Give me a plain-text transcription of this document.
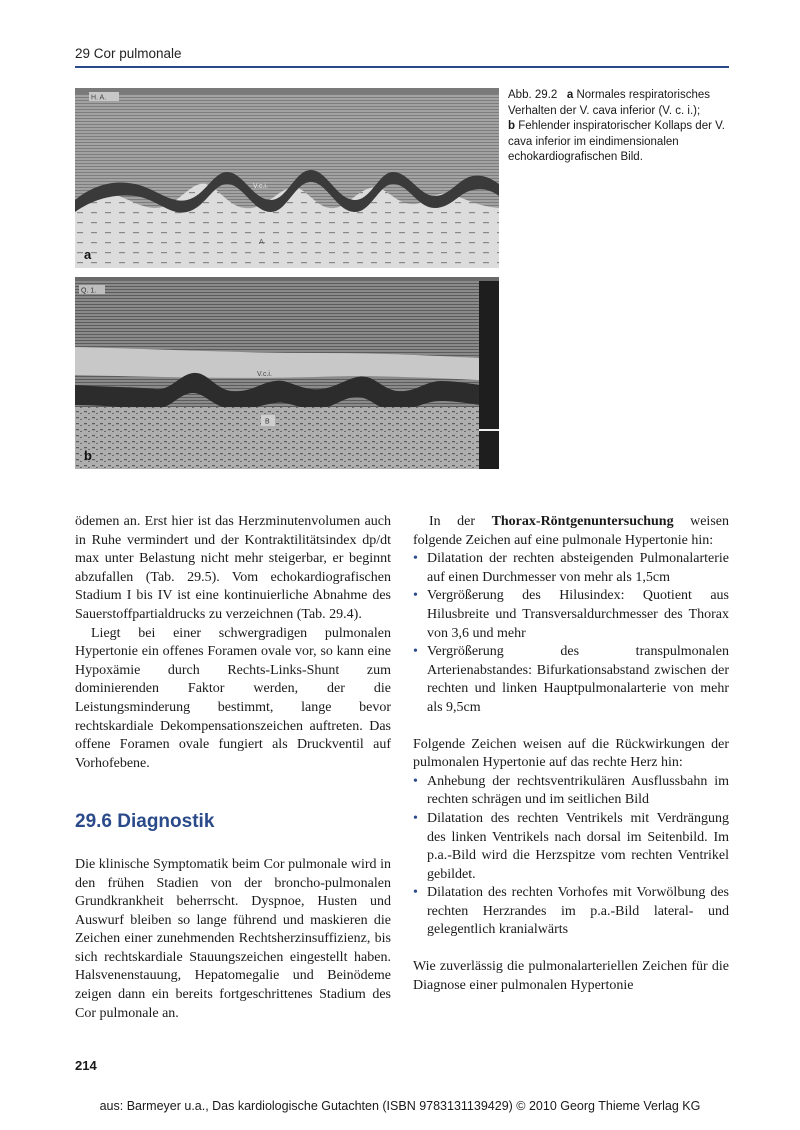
29 Cor pulmonale
H. A.
V.c.i.
A
a
Q. 1.
V.c.i.
B
b
Abb. 29.2 a Normales respiratorisches Verhalten der V. cava inferior (V. c. i.);
b Fehlender inspiratorischer Kollaps der V. cava inferior im eindimensionalen echokardiografischen Bild.

ödemen an. Erst hier ist das Herzminutenvolumen auch in Ruhe vermindert und der Kontraktilitätsindex dp/dt max unter Belastung nicht mehr steigerbar, er beginnt abzufallen (Tab. 29.5). Vom echokardiografischen Stadium I bis IV ist eine kontinuierliche Abnahme des Sauerstoffpartialdrucks zu verzeichnen (Tab. 29.4).

Liegt bei einer schwergradigen pulmonalen Hypertonie ein offenes Foramen ovale vor, so kann eine Hypoxämie durch Rechts-Links-Shunt zum dominierenden Faktor werden, der die Leistungsminderung bestimmt, lange bevor rechtskardiale Dekompensationszeichen auftreten. Das offene Foramen ovale fungiert als Druckventil auf Vorhofebene.

29.6 Diagnostik

Die klinische Symptomatik beim Cor pulmonale wird in den frühen Stadien von der broncho-pulmonalen Grundkrankheit beherrscht. Dyspnoe, Husten und Auswurf bleiben so lange führend und maskieren die Zeichen einer zunehmenden Rechtsherzinsuffizienz, bis sich rechtskardiale Stauungszeichen eingestellt haben. Halsvenenstauung, Hepatomegalie und Beinödeme zeigen dann ein bereits fortgeschrittenes Stadium des Cor pulmonale an.

In der Thorax-Röntgenuntersuchung weisen folgende Zeichen auf eine pulmonale Hypertonie hin:

• Dilatation der rechten absteigenden Pulmonalarterie auf einen Durchmesser von mehr als 1,5cm
• Vergrößerung des Hilusindex: Quotient aus Hilusbreite und Transversaldurchmesser des Thorax von 3,6 und mehr
• Vergrößerung des transpulmonalen Arterienabstandes: Bifurkationsabstand zwischen der rechten und linken Hauptpulmonalarterie von mehr als 9,5cm

Folgende Zeichen weisen auf die Rückwirkungen der pulmonalen Hypertonie auf das rechte Herz hin:

• Anhebung der rechtsventrikulären Ausflussbahn im rechten schrägen und im seitlichen Bild
• Dilatation des rechten Ventrikels mit Verdrängung des linken Ventrikels nach dorsal im Seitenbild. Im p.a.-Bild wird die Herzspitze vom rechten Ventrikel gebildet.
• Dilatation des rechten Vorhofes mit Vorwölbung des rechten Herzrandes im p.a.-Bild lateral- und gelegentlich kranialwärts

Wie zuverlässig die pulmonalarteriellen Zeichen für die Diagnose einer pulmonalen Hypertonie

214
aus: Barmeyer u.a., Das kardiologische Gutachten (ISBN 9783131139429) © 2010 Georg Thieme Verlag KG
